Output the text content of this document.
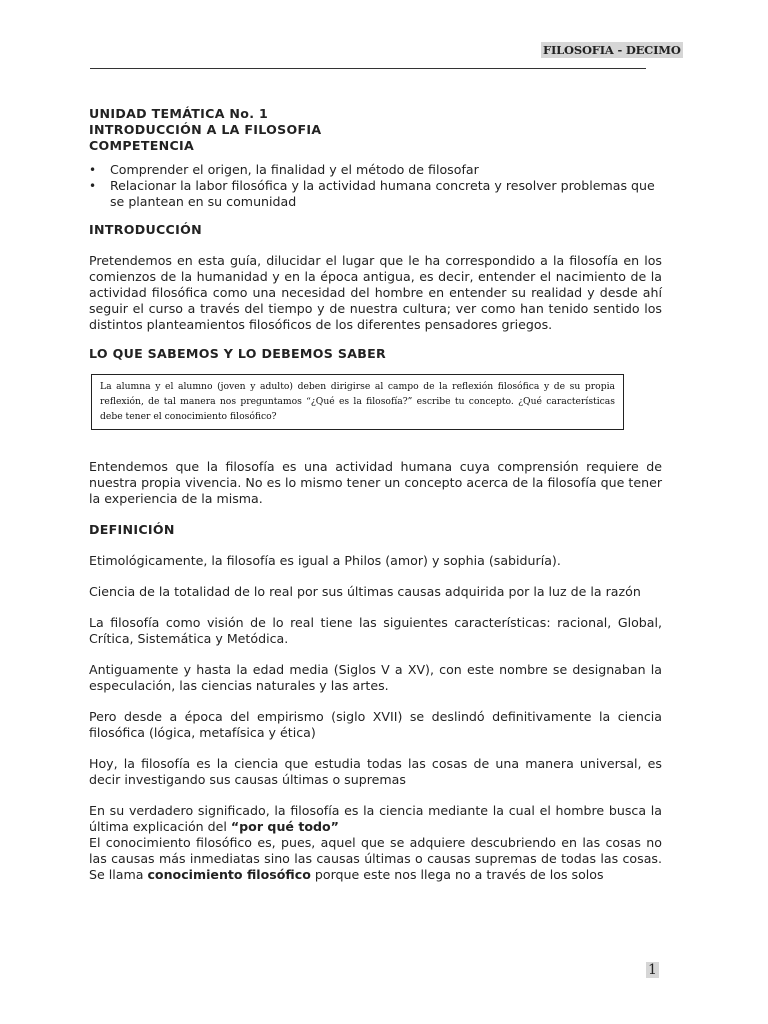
FILOSOFIA - DECIMO
UNIDAD TEMÁTICA No. 1
INTRODUCCIÓN A LA FILOSOFIA
COMPETENCIA
• Comprender el origen, la finalidad y el método de filosofar
• Relacionar la labor filosófica y la actividad humana concreta y resolver problemas que se plantean en su comunidad
INTRODUCCIÓN

Pretendemos en esta guía, dilucidar el lugar que le ha correspondido a la filosofía en los comienzos de la humanidad y en la época antigua, es decir, entender el nacimiento de la actividad filosófica como una necesidad del hombre en entender su realidad y desde ahí seguir el curso a través del tiempo y de nuestra cultura; ver como han tenido sentido los distintos planteamientos filosóficos de los diferentes pensadores griegos.

LO QUE SABEMOS Y LO DEBEMOS SABER
La alumna y el alumno (joven y adulto) deben dirigirse al campo de la reflexión filosófica y de su propia reflexión, de tal manera nos preguntamos “¿Qué es la filosofía?” escribe tu concepto. ¿Qué características debe tener el conocimiento filosófico?

Entendemos que la filosofía es una actividad humana cuya comprensión requiere de nuestra propia vivencia. No es lo mismo tener un concepto acerca de la filosofía que tener la experiencia de la misma.

DEFINICIÓN

Etimológicamente, la filosofía es igual a Philos (amor) y sophia (sabiduría).

Ciencia de la totalidad de lo real por sus últimas causas adquirida por la luz de la razón

La filosofía como visión de lo real tiene las siguientes características: racional, Global, Crítica, Sistemática y Metódica.

Antiguamente y hasta la edad media (Siglos V a XV), con este nombre se designaban la especulación, las ciencias naturales y las artes.

Pero desde a época del empirismo (siglo XVII) se deslindó definitivamente la ciencia filosófica (lógica, metafísica y ética)

Hoy, la filosofía es la ciencia que estudia todas las cosas de una manera universal, es decir investigando sus causas últimas o supremas

En su verdadero significado, la filosofía es la ciencia mediante la cual el hombre busca la última explicación del “por qué todo”

El conocimiento filosófico es, pues, aquel que se adquiere descubriendo en las cosas no las causas más inmediatas sino las causas últimas o causas supremas de todas las cosas. Se llama conocimiento filosófico porque este nos llega no a través de los solos

1
